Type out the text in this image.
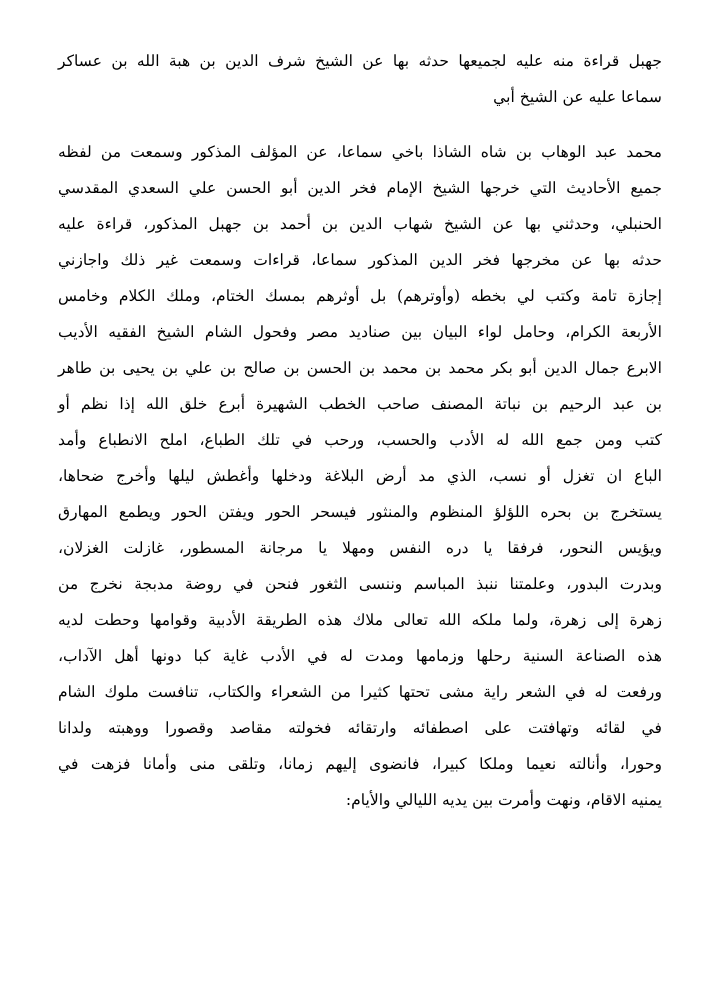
جهبل قراءة منه عليه لجميعها حدثه بها عن الشيخ شرف الدين بن هبة الله بن عساكر
سماعا عليه عن الشيخ أبي
محمد عبد الوهاب بن شاه الشاذا باخي سماعا، عن المؤلف المذكور وسمعت من لفظه
جميع الأحاديث التي خرجها الشيخ الإمام فخر الدين أبو الحسن علي السعدي المقدسي
الحنبلي، وحدثني بها عن الشيخ شهاب الدين بن أحمد بن جهبل المذكور، قراءة عليه
حدثه بها عن مخرجها فخر الدين المذكور سماعا، قراءات وسمعت غير ذلك واجازني
إجازة تامة وكتب لي بخطه (وأوترهم) بل أوثرهم بمسك الختام، وملك الكلام وخامس
الأربعة الكرام، وحامل لواء البيان بين صناديد مصر وفحول الشام الشيخ الفقيه الأديب
الابرع جمال الدين أبو بكر محمد بن محمد بن الحسن بن صالح بن علي بن يحيى بن طاهر
بن عبد الرحيم بن نباتة المصنف صاحب الخطب الشهيرة أبرع خلق الله إذا نظم أو
كتب ومن جمع الله له الأدب والحسب، ورحب في تلك الطباع، املح الانطباع وأمد
الباع ان تغزل أو نسب، الذي مد أرض البلاغة ودخلها وأغطش ليلها وأخرج ضحاها،
يستخرج بن بحره اللؤلؤ المنظوم والمنثور فيسحر الحور ويفتن الحور ويطمع المهارق
ويؤيس النحور، فرفقا يا دره النفس ومهلا يا مرجانة المسطور، غازلت الغزلان،
وبدرت البدور، وعلمتنا ننبذ المباسم وننسى الثغور فنحن في روضة مدبجة نخرج من
زهرة إلى زهرة، ولما ملكه الله تعالى ملاك هذه الطريقة الأدبية وقوامها وحطت لديه
هذه الصناعة السنية رحلها وزمامها ومدت له في الأدب غاية كبا دونها أهل الآداب،
ورفعت له في الشعر راية مشى تحتها كثيرا من الشعراء والكتاب، تنافست ملوك الشام
في لقائه وتهافتت على اصطفائه وارتقائه فخولته مقاصد وقصورا ووهبته ولدانا
وحورا، وأنالته نعيما وملكا كبيرا، فانضوى إليهم زمانا، وتلقى منى وأمانا فزهت في
يمنيه الاقام، ونهت وأمرت بين يديه الليالي والأيام:
